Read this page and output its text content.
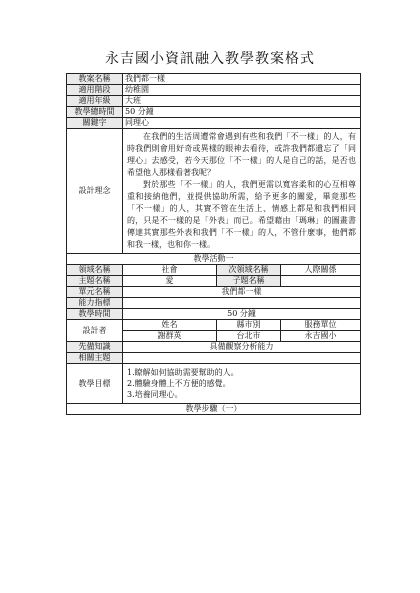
永吉國小資訊融入教學教案格式
教案名稱	我們都一樣		
適用階段	幼稚園		
適用年級	大班		
教學總時間	50 分鐘		
關鍵字	同理心		
設計理念	在我們的生活周遭常會遇到有些和我們「不一樣」的人，有時我們則會用好奇或異樣的眼神去看待，或許我們都遺忘了「同理心」去感受，若今天那位「不一樣」的人是自己的話，是否也希望他人那樣看著我呢？

對於那些「不一樣」的人，我們更需以寬容柔和的心互相尊重和接納他們，並提供協助所需，給予更多的關愛，畢竟那些「不一樣」的人，其實不管在生活上、情感上都是和我們相同的，只是不一樣的是「外表」而已。希望藉由「瑪琳」的圖畫書傳達其實那些外表和我們「不一樣」的人，不管什麼事，他們都和我一樣，也和你一樣。		

教學活動一			
領域名稱	社會	次領域名稱	人際關係
主題名稱	愛	子題名稱	
單元名稱	我們都一樣		
能力指標			
教學時間	50 分鐘		
設計者	姓名	縣市別	服務單位
	謝群英	台北市	永吉國小
先備知識	具備觀察分析能力		
相關主題			
教學目標	1.瞭解如何協助需要幫助的人。
2.體驗身體上不方便的感覺。
3.培養同理心。		

教學步驟（一）			
